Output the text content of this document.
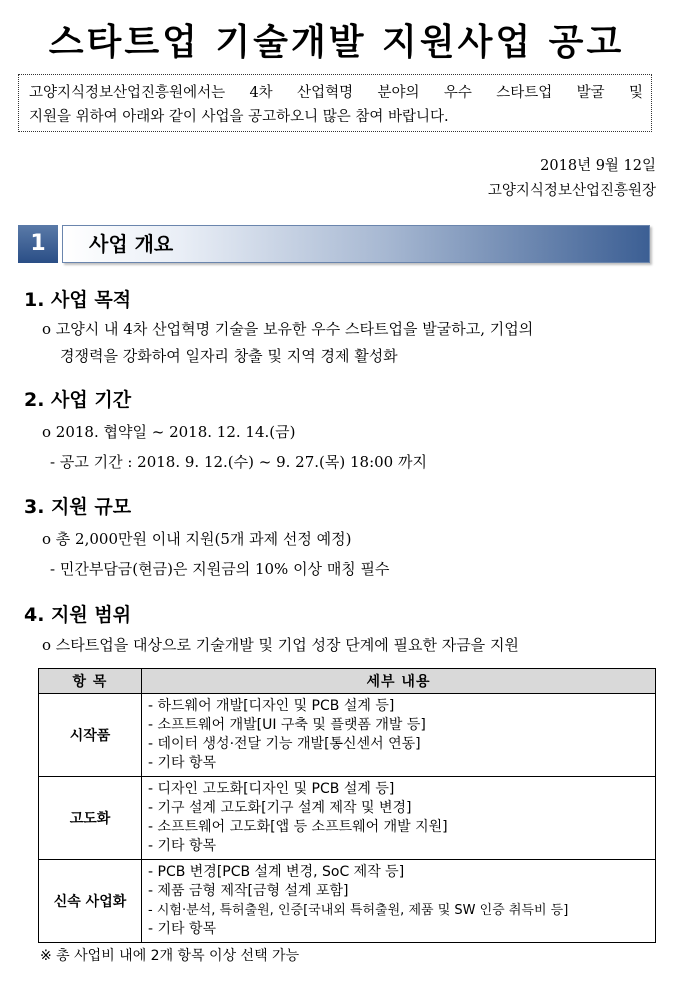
스타트업 기술개발 지원사업 공고
고양지식정보산업진흥원에서는 4차 산업혁명 분야의 우수 스타트업 발굴 및
지원을 위하여 아래와 같이 사업을 공고하오니 많은 참여 바랍니다.
2018년 9월 12일
고양지식정보산업진흥원장
1	사업 개요
1. 사업 목적
o 고양시 내 4차 산업혁명 기술을 보유한 우수 스타트업을 발굴하고, 기업의
경쟁력을 강화하여 일자리 창출 및 지역 경제 활성화
2. 사업 기간
o 2018. 협약일 ~ 2018. 12. 14.(금)
- 공고 기간 : 2018. 9. 12.(수) ~ 9. 27.(목) 18:00 까지
3. 지원 규모
o 총 2,000만원 이내 지원(5개 과제 선정 예정)
- 민간부담금(현금)은 지원금의 10% 이상 매칭 필수
4. 지원 범위
o 스타트업을 대상으로 기술개발 및 기업 성장 단계에 필요한 자금을 지원
항 목	세부 내용
시작품	- 하드웨어 개발[디자인 및 PCB 설계 등]
- 소프트웨어 개발[UI 구축 및 플랫폼 개발 등]
- 데이터 생성·전달 기능 개발[통신센서 연동]
- 기타 항목

고도화	- 디자인 고도화[디자인 및 PCB 설계 등]
- 기구 설계 고도화[기구 설계 제작 및 변경]
- 소프트웨어 고도화[앱 등 소프트웨어 개발 지원]
- 기타 항목

신속 사업화	- PCB 변경[PCB 설계 변경, SoC 제작 등]
- 제품 금형 제작[금형 설계 포함]
- 시험·분석, 특허출원, 인증[국내외 특허출원, 제품 및 SW 인증 취득비 등]
- 기타 항목
※ 총 사업비 내에 2개 항목 이상 선택 가능
